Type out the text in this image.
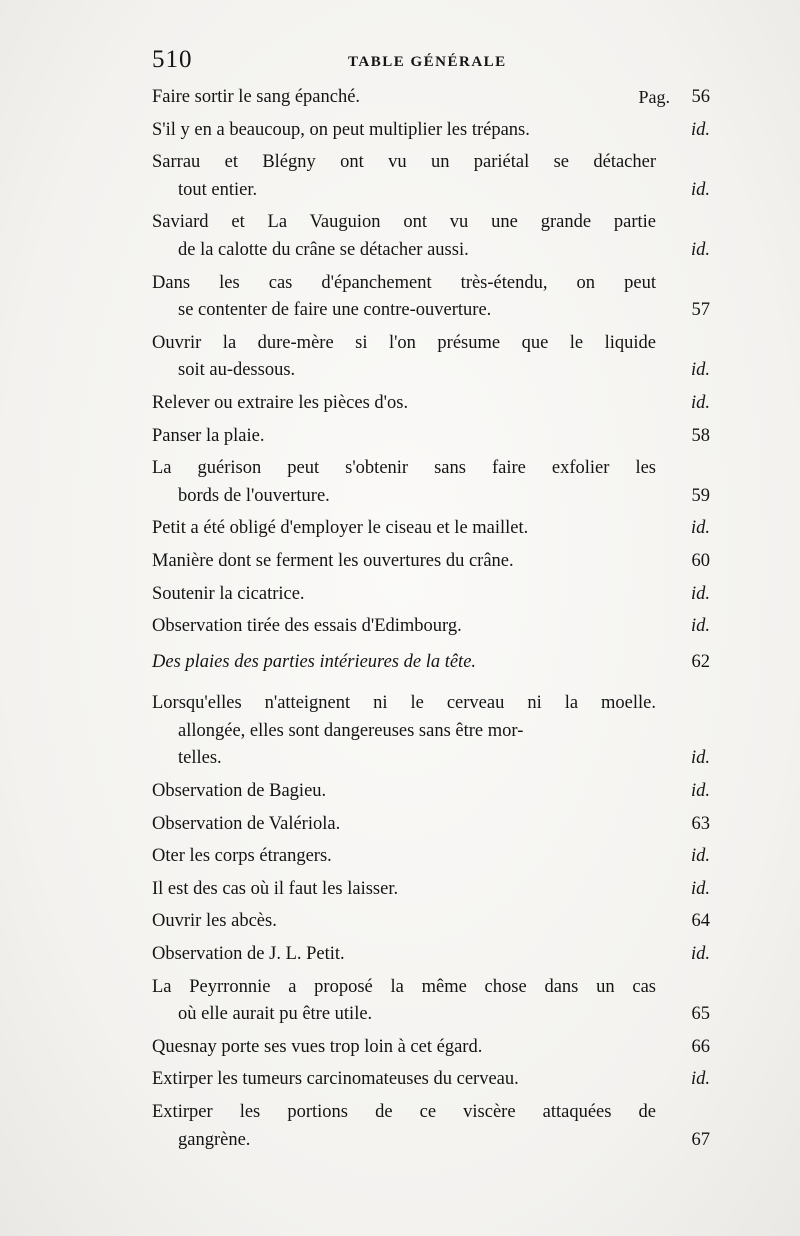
510	TABLE GÉNÉRALE
Faire sortir le sang épanché.	Pag. 56
S'il y en a beaucoup, on peut multiplier les trépans.	id.
Sarrau et Blégny ont vu un pariétal se détacher
tout entier.	id.
Saviard et La Vauguion ont vu une grande partie
de la calotte du crâne se détacher aussi.	id.
Dans les cas d'épanchement très-étendu, on peut
se contenter de faire une contre-ouverture.	57
Ouvrir la dure-mère si l'on présume que le liquide
soit au-dessous.	id.
Relever ou extraire les pièces d'os.	id.
Panser la plaie.	58
La guérison peut s'obtenir sans faire exfolier les
bords de l'ouverture.	59
Petit a été obligé d'employer le ciseau et le maillet.	id.
Manière dont se ferment les ouvertures du crâne.	60
Soutenir la cicatrice.	id.
Observation tirée des essais d'Edimbourg.	id.
Des plaies des parties intérieures de la tête.	62
Lorsqu'elles n'atteignent ni le cerveau ni la moelle.
allongée, elles sont dangereuses sans être mor-
telles.	id.
Observation de Bagieu.	id.
Observation de Valériola.	63
Oter les corps étrangers.	id.
Il est des cas où il faut les laisser.	id.
Ouvrir les abcès.	64
Observation de J. L. Petit.	id.
La Peyrronnie a proposé la même chose dans un cas
où elle aurait pu être utile.	65
Quesnay porte ses vues trop loin à cet égard.	66
Extirper les tumeurs carcinomateuses du cerveau.	id.
Extirper les portions de ce viscère attaquées de
gangrène.	67
